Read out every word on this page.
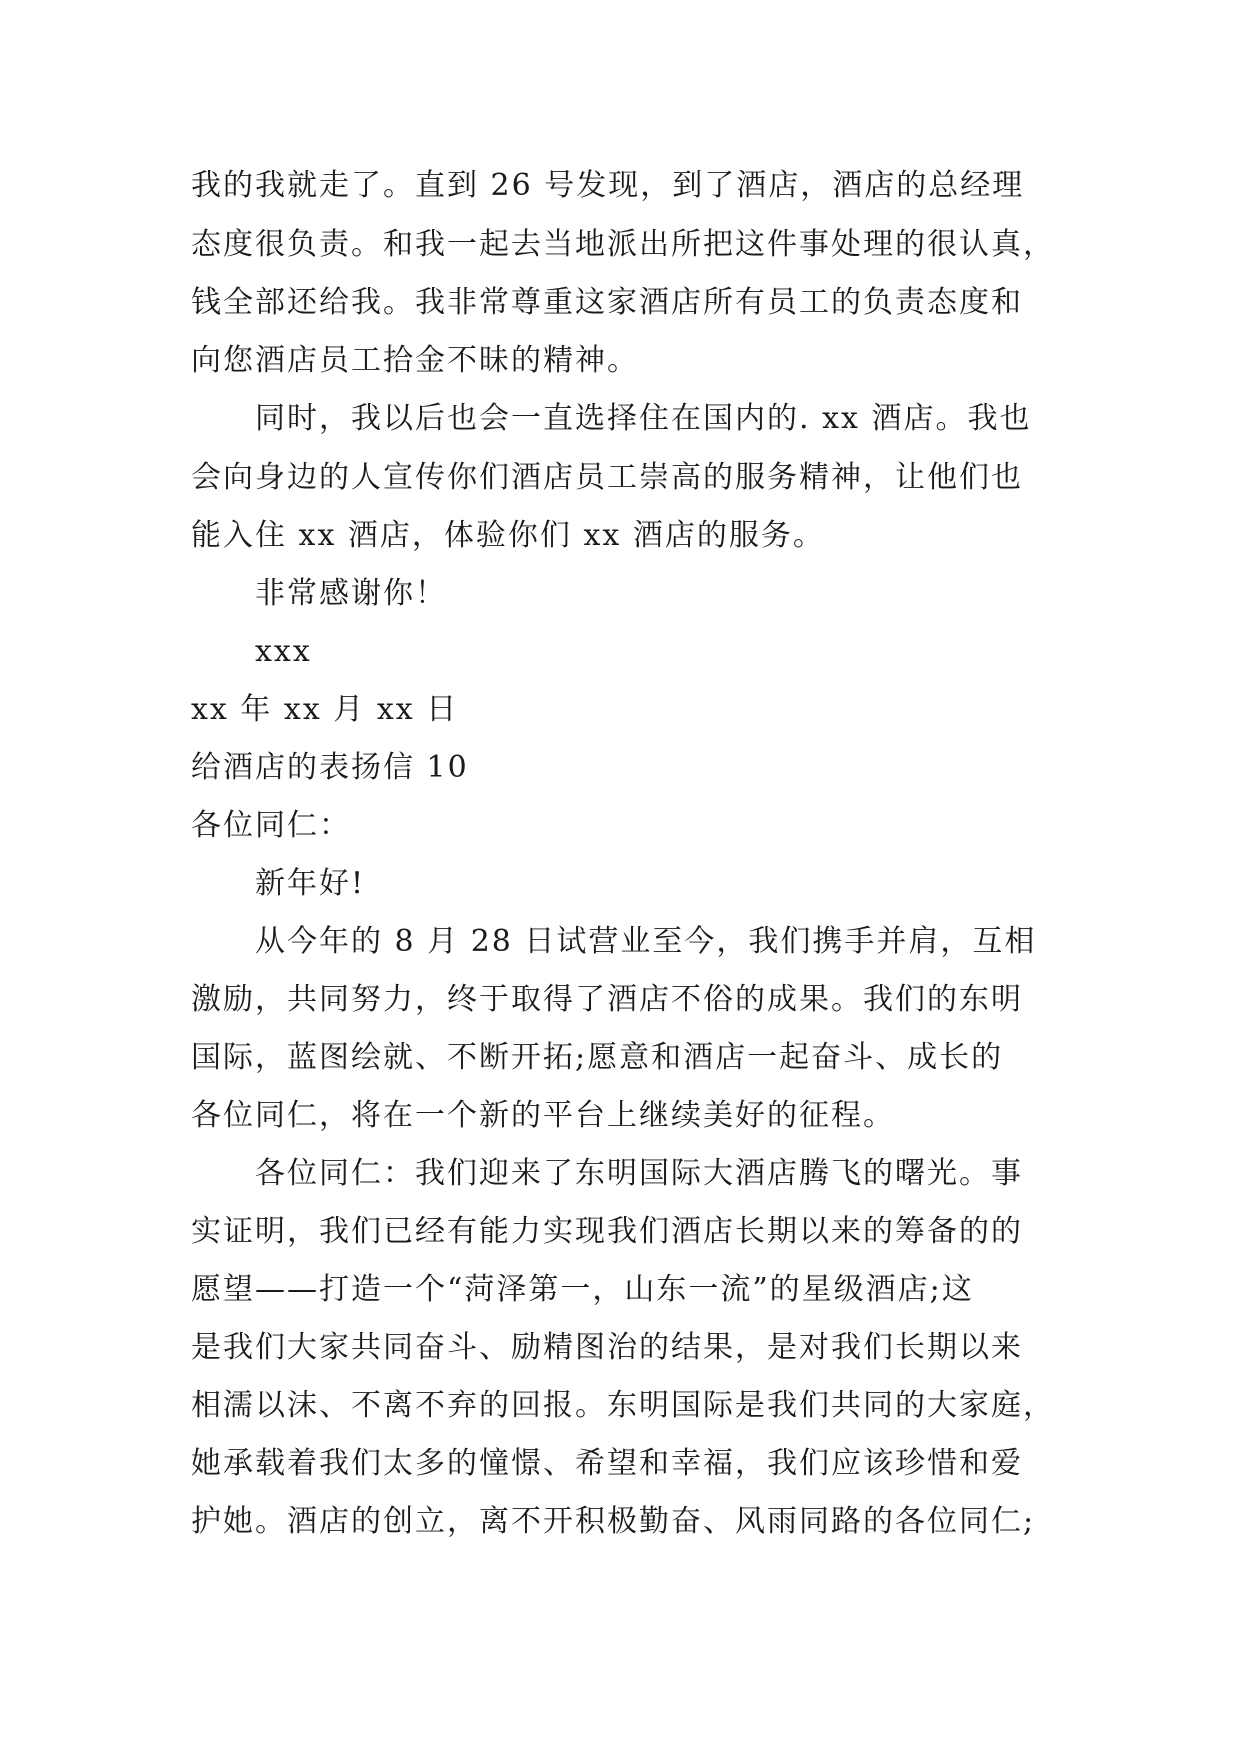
我的我就走了。直到 26 号发现，到了酒店，酒店的总经理
态度很负责。和我一起去当地派出所把这件事处理的很认真，
钱全部还给我。我非常尊重这家酒店所有员工的负责态度和
向您酒店员工拾金不昧的精神。
同时，我以后也会一直选择住在国内的. xx 酒店。我也
会向身边的人宣传你们酒店员工崇高的服务精神，让他们也
能入住 xx 酒店，体验你们 xx 酒店的服务。
非常感谢你！
xxx
xx 年 xx 月 xx 日
给酒店的表扬信 10
各位同仁：
新年好!
从今年的 8 月 28 日试营业至今，我们携手并肩，互相
激励，共同努力，终于取得了酒店不俗的成果。我们的东明
国际，蓝图绘就、不断开拓;愿意和酒店一起奋斗、成长的
各位同仁，将在一个新的平台上继续美好的征程。
各位同仁：我们迎来了东明国际大酒店腾飞的曙光。事
实证明，我们已经有能力实现我们酒店长期以来的筹备的的
愿望——打造一个“菏泽第一，山东一流”的星级酒店;这
是我们大家共同奋斗、励精图治的结果，是对我们长期以来
相濡以沫、不离不弃的回报。东明国际是我们共同的大家庭，
她承载着我们太多的憧憬、希望和幸福，我们应该珍惜和爱
护她。酒店的创立，离不开积极勤奋、风雨同路的各位同仁;
